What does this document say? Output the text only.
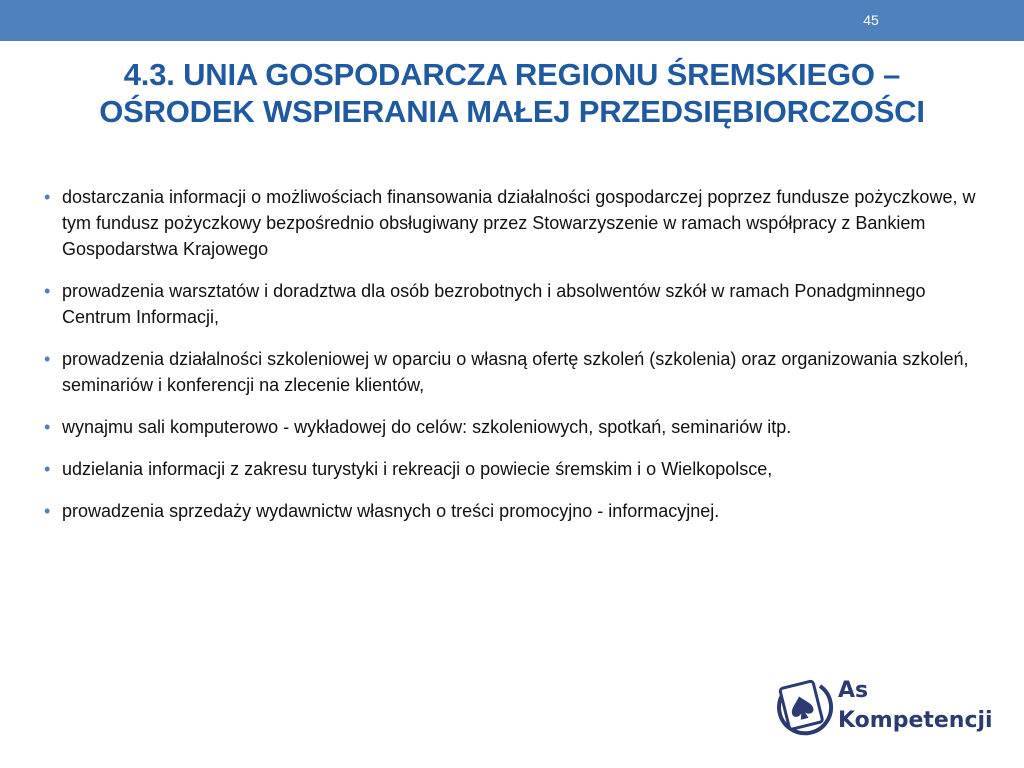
45
4.3. UNIA GOSPODARCZA REGIONU ŚREMSKIEGO –
OŚRODEK WSPIERANIA MAŁEJ PRZEDSIĘBIORCZOŚCI
• dostarczania informacji o możliwościach finansowania działalności gospodarczej poprzez fundusze pożyczkowe, w tym fundusz pożyczkowy bezpośrednio obsługiwany przez Stowarzyszenie w ramach współpracy z Bankiem Gospodarstwa Krajowego
• prowadzenia warsztatów i doradztwa dla osób bezrobotnych i absolwentów szkół w ramach Ponadgminnego Centrum Informacji,
• prowadzenia działalności szkoleniowej w oparciu o własną ofertę szkoleń (szkolenia) oraz organizowania szkoleń, seminariów i konferencji na zlecenie klientów,
• wynajmu sali komputerowo - wykładowej do celów: szkoleniowych, spotkań, seminariów itp.
• udzielania informacji z zakresu turystyki i rekreacji o powiecie śremskim i o Wielkopolsce,
• prowadzenia sprzedaży wydawnictw własnych o treści promocyjno - informacyjnej.
As
Kompetencji
